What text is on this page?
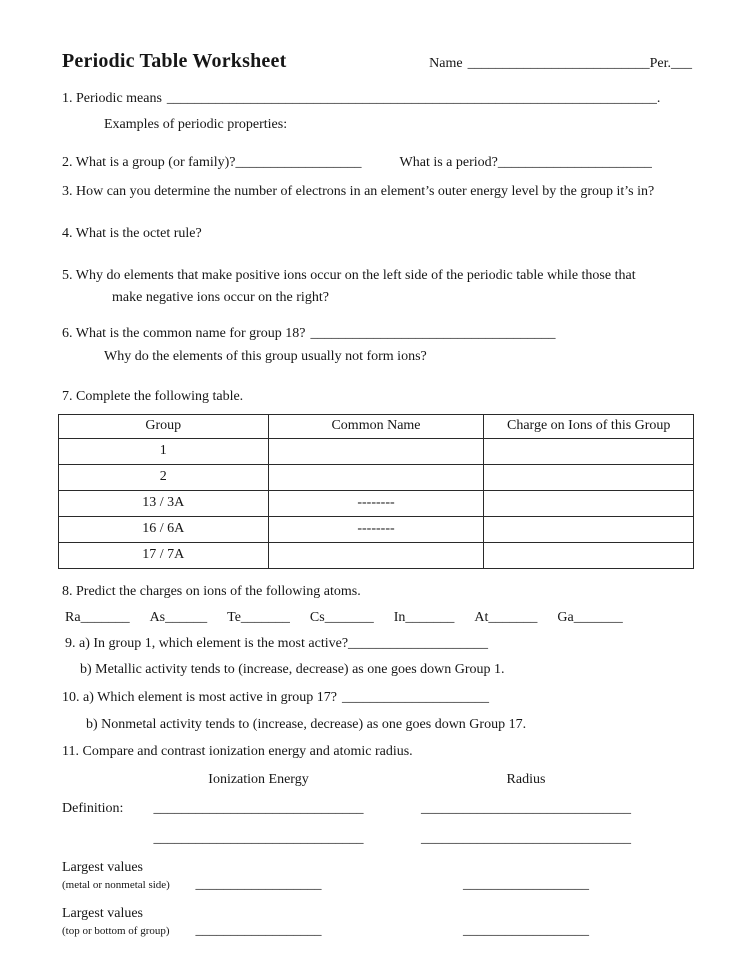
Periodic Table Worksheet	Name __________________________Per.___
1. Periodic means ______________________________________________________________________.
Examples of periodic properties:
2. What is a group (or family)?__________________	What is a period?______________________
3. How can you determine the number of electrons in an element’s outer energy level by the group it’s in?
4. What is the octet rule?
5. Why do elements that make positive ions occur on the left side of the periodic table while those that
make negative ions occur on the right?
6. What is the common name for group 18? ___________________________________
Why do the elements of this group usually not form ions?
7. Complete the following table.
Group	Common Name	Charge on Ions of this Group
1		
2		
13 / 3A	--------	
16 / 6A	--------	
17 / 7A		
8. Predict the charges on ions of the following atoms.
Ra_______ As______ Te_______ Cs_______ In_______ At_______ Ga_______
9. a) In group 1, which element is the most active?____________________
b) Metallic activity tends to (increase, decrease) as one goes down Group 1.
10. a) Which element is most active in group 17? _____________________
b) Nonmetal activity tends to (increase, decrease) as one goes down Group 17.
11. Compare and contrast ionization energy and atomic radius.
Ionization Energy	Radius
Definition:	______________________________	______________________________
______________________________	______________________________
Largest values
(metal or nonmetal side)	__________________	__________________
Largest values
(top or bottom of group)	__________________	__________________
